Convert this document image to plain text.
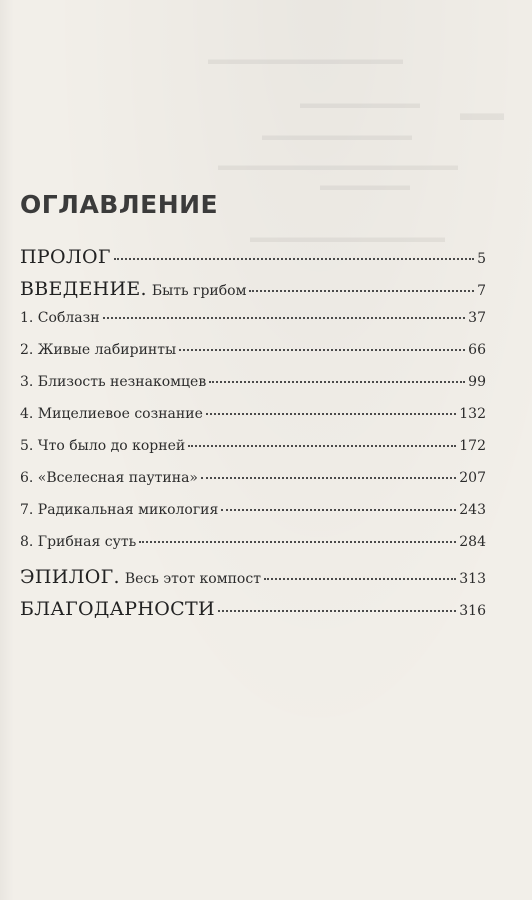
▬▬▬▬▬▬▬▬▬▬▬▬▬
▬▬▬▬▬▬▬▬
▬▬▬▬▬▬▬▬▬▬
▬▬▬▬▬▬▬▬▬▬▬▬▬▬▬▬
▬▬▬▬▬▬
▬▬▬▬▬▬▬▬▬▬▬▬▬
▬▬
ОГЛАВЛЕНИЕ
ПРОЛОГ	5
ВВЕДЕНИЕ. Быть грибом	7
1. Соблазн	37
2. Живые лабиринты	66
3. Близость незнакомцев	99
4. Мицелиевое сознание	132
5. Что было до корней	172
6. «Вселесная паутина»	207
7. Радикальная микология	243
8. Грибная суть	284
ЭПИЛОГ. Весь этот компост	313
БЛАГОДАРНОСТИ	316
